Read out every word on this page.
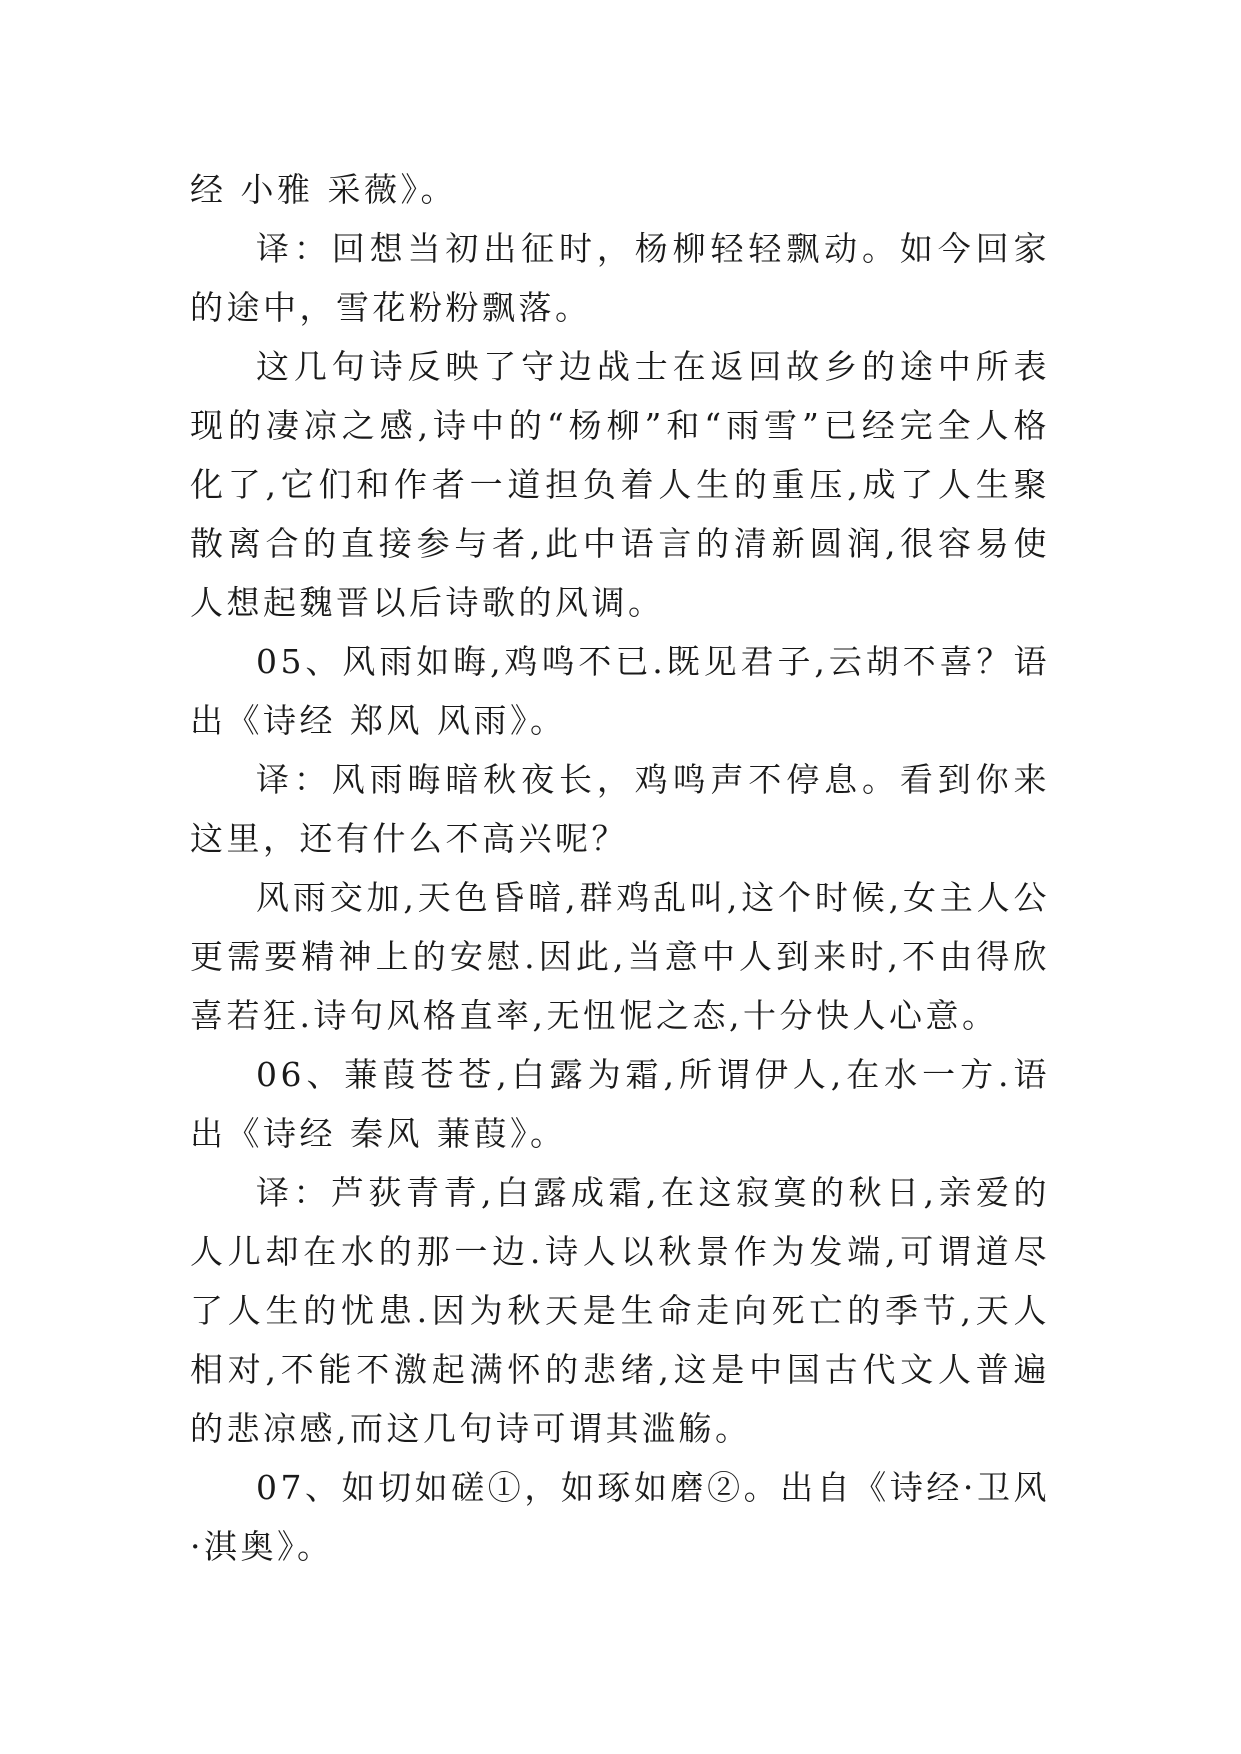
经 小雅 采薇》。

译：回想当初出征时，杨柳轻轻飘动。如今回家的途中，雪花粉粉飘落。

这几句诗反映了守边战士在返回故乡的途中所表现的凄凉之感,诗中的“杨柳”和“雨雪”已经完全人格化了,它们和作者一道担负着人生的重压,成了人生聚散离合的直接参与者,此中语言的清新圆润,很容易使人想起魏晋以后诗歌的风调。

05、风雨如晦,鸡鸣不已.既见君子,云胡不喜？语出《诗经 郑风 风雨》。

译：风雨晦暗秋夜长，鸡鸣声不停息。看到你来这里，还有什么不高兴呢？

风雨交加,天色昏暗,群鸡乱叫,这个时候,女主人公更需要精神上的安慰.因此,当意中人到来时,不由得欣喜若狂.诗句风格直率,无忸怩之态,十分快人心意。

06、蒹葭苍苍,白露为霜,所谓伊人,在水一方.语出《诗经 秦风 蒹葭》。

译：芦荻青青,白露成霜,在这寂寞的秋日,亲爱的人儿却在水的那一边.诗人以秋景作为发端,可谓道尽了人生的忧患.因为秋天是生命走向死亡的季节,天人相对,不能不激起满怀的悲绪,这是中国古代文人普遍的悲凉感,而这几句诗可谓其滥觞。

07、如切如磋①，如琢如磨②。出自《诗经·卫风·淇奥》。
